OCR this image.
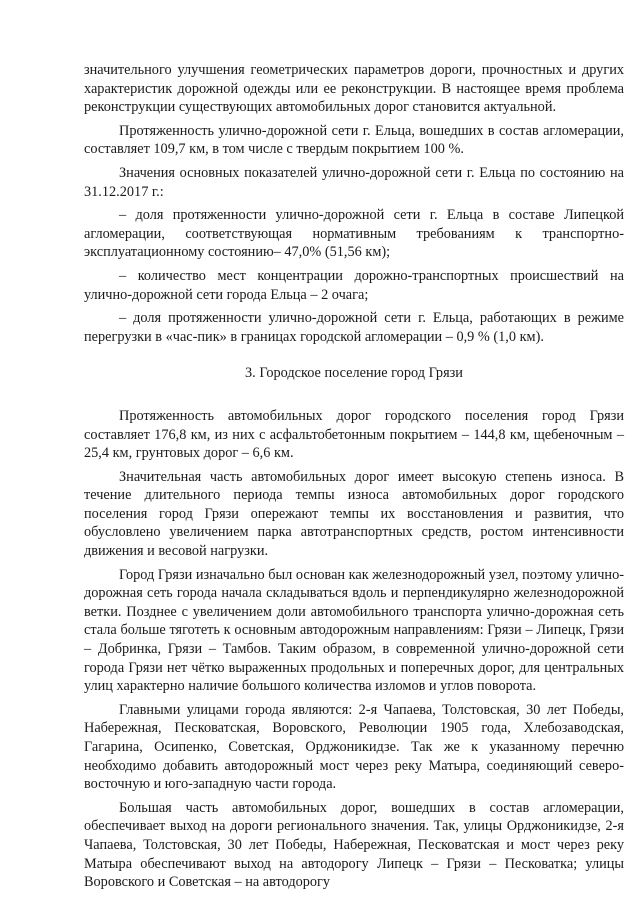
значительного улучшения геометрических параметров дороги, прочностных и других характеристик дорожной одежды или ее реконструкции. В настоящее время проблема реконструкции существующих автомобильных дорог становится актуальной.

Протяженность улично-дорожной сети г. Ельца, вошедших в состав агломерации, составляет 109,7 км, в том числе с твердым покрытием 100 %.

Значения основных показателей улично-дорожной сети г. Ельца по состоянию на 31.12.2017 г.:

– доля протяженности улично-дорожной сети г. Ельца в составе Липецкой агломерации, соответствующая нормативным требованиям к транспортно-эксплуатационному состоянию– 47,0% (51,56 км);

– количество мест концентрации дорожно-транспортных происшествий на улично-дорожной сети города Ельца – 2 очага;

– доля протяженности улично-дорожной сети г. Ельца, работающих в режиме перегрузки в «час-пик» в границах городской агломерации – 0,9 % (1,0 км).

3. Городское поселение город Грязи

Протяженность автомобильных дорог городского поселения город Грязи составляет 176,8 км, из них с асфальтобетонным покрытием – 144,8 км, щебеночным – 25,4 км, грунтовых дорог – 6,6 км.

Значительная часть автомобильных дорог имеет высокую степень износа. В течение длительного периода темпы износа автомобильных дорог городского поселения город Грязи опережают темпы их восстановления и развития, что обусловлено увеличением парка автотранспортных средств, ростом интенсивности движения и весовой нагрузки.

Город Грязи изначально был основан как железнодорожный узел, поэтому улично-дорожная сеть города начала складываться вдоль и перпендикулярно железнодорожной ветки. Позднее с увеличением доли автомобильного транспорта улично-дорожная сеть стала больше тяготеть к основным автодорожным направлениям: Грязи – Липецк, Грязи – Добринка, Грязи – Тамбов. Таким образом, в современной улично-дорожной сети города Грязи нет чётко выраженных продольных и поперечных дорог, для центральных улиц характерно наличие большого количества изломов и углов поворота.

Главными улицами города являются: 2-я Чапаева, Толстовская, 30 лет Победы, Набережная, Песковатская, Воровского, Революции 1905 года, Хлебозаводская, Гагарина, Осипенко, Советская, Орджоникидзе. Так же к указанному перечню необходимо добавить автодорожный мост через реку Матыра, соединяющий северо-восточную и юго-западную части города.

Большая часть автомобильных дорог, вошедших в состав агломерации, обеспечивает выход на дороги регионального значения. Так, улицы Орджоникидзе, 2-я Чапаева, Толстовская, 30 лет Победы, Набережная, Песковатская и мост через реку Матыра обеспечивают выход на автодорогу Липецк – Грязи – Песковатка; улицы Воровского и Советская – на автодорогу
